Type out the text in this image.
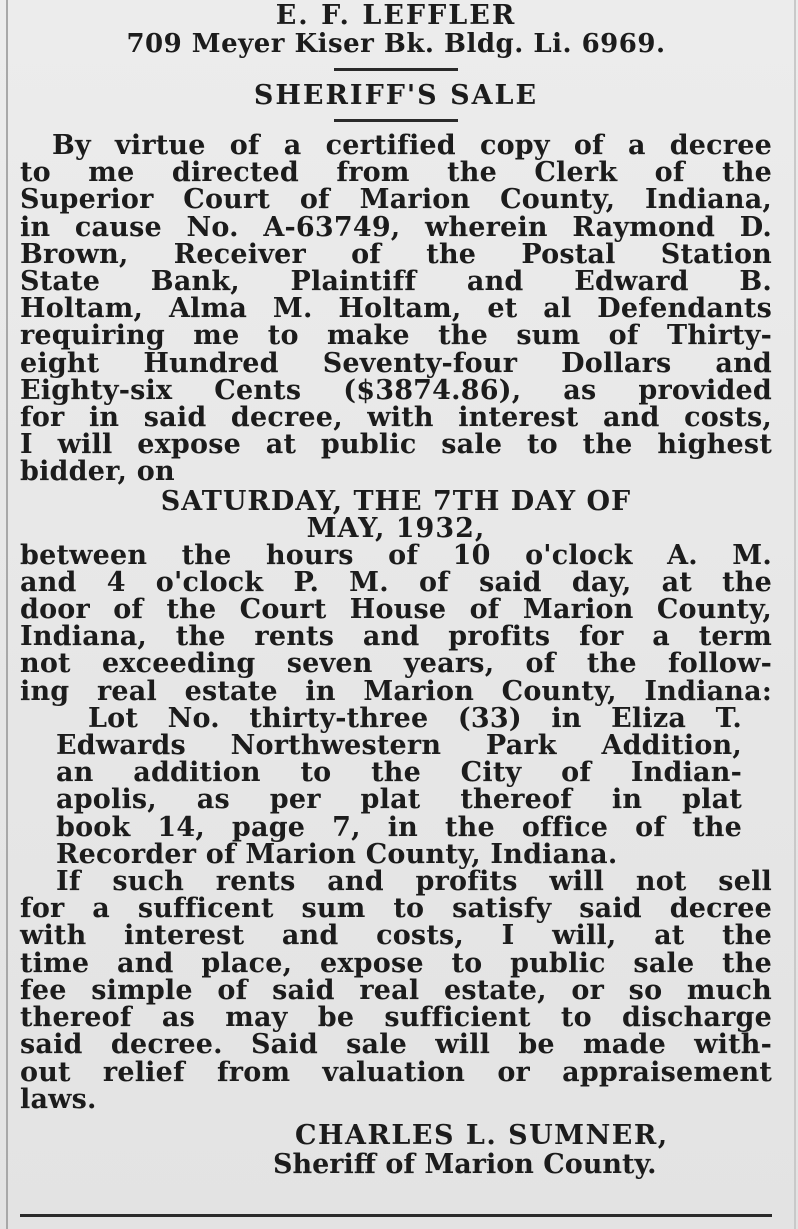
E. F. LEFFLER
709 Meyer Kiser Bk. Bldg. Li. 6969.
SHERIFF'S SALE
By virtue of a certified copy of a decree
to me directed from the Clerk of the
Superior Court of Marion County, Indiana,
in cause No. A-63749, wherein Raymond D.
Brown, Receiver of the Postal Station
State Bank, Plaintiff and Edward B.
Holtam, Alma M. Holtam, et al Defendants
requiring me to make the sum of Thirty-
eight Hundred Seventy-four Dollars and
Eighty-six Cents ($3874.86), as provided
for in said decree, with interest and costs,
I will expose at public sale to the highest
bidder, on
SATURDAY, THE 7TH DAY OF
MAY, 1932,
between the hours of 10 o'clock A. M.
and 4 o'clock P. M. of said day, at the
door of the Court House of Marion County,
Indiana, the rents and profits for a term
not exceeding seven years, of the follow-
ing real estate in Marion County, Indiana:
Lot No. thirty-three (33) in Eliza T.
Edwards Northwestern Park Addition,
an addition to the City of Indian-
apolis, as per plat thereof in plat
book 14, page 7, in the office of the
Recorder of Marion County, Indiana.
If such rents and profits will not sell
for a sufficent sum to satisfy said decree
with interest and costs, I will, at the
time and place, expose to public sale the
fee simple of said real estate, or so much
thereof as may be sufficient to discharge
said decree. Said sale will be made with-
out relief from valuation or appraisement
laws.
CHARLES L. SUMNER,
Sheriff of Marion County.
